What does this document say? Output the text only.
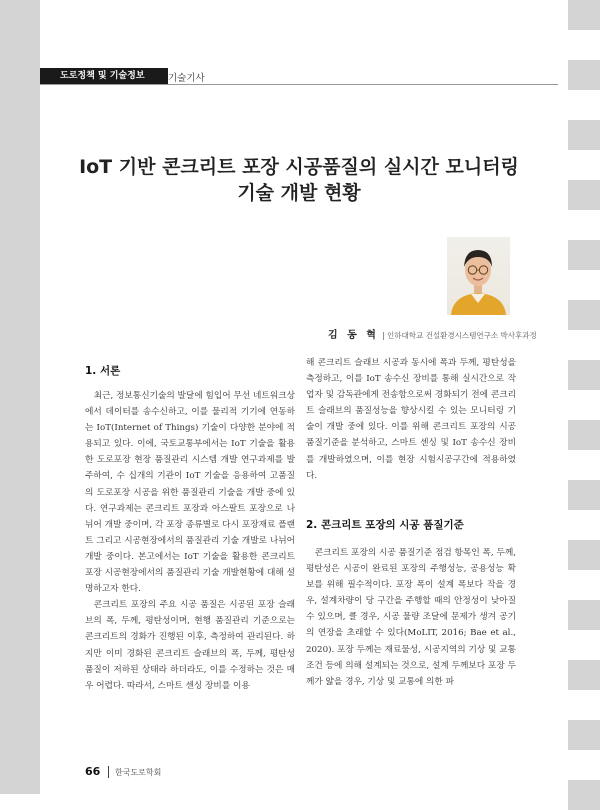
도로정책 및 기술정보	기술기사
IoT 기반 콘크리트 포장 시공품질의 실시간 모니터링
기술 개발 현황
김 동 혁 | 인하대학교 건설환경시스템연구소 박사후과정
1. 서론

최근, 정보통신기술의 발달에 힘입어 무선 네트워크상에서 데이터를 송수신하고, 이를 물리적 기기에 연동하는 IoT(Internet of Things) 기술이 다양한 분야에 적용되고 있다. 이에, 국토교통부에서는 IoT 기술을 활용한 도로포장 현장 품질관리 시스템 개발 연구과제를 발주하여, 수 십개의 기관이 IoT 기술을 응용하여 고품질의 도로포장 시공을 위한 품질관리 기술을 개발 중에 있다. 연구과제는 콘크리트 포장과 아스팔트 포장으로 나뉘어 개발 중이며, 각 포장 종류별로 다시 포장재료 플랜트 그리고 시공현장에서의 품질관리 기술 개발로 나뉘어 개발 중이다. 본고에서는 IoT 기술을 활용한 콘크리트 포장 시공현장에서의 품질관리 기술 개발현황에 대해 설명하고자 한다.

콘크리트 포장의 주요 시공 품질은 시공된 포장 슬래브의 폭, 두께, 평탄성이며, 현행 품질관리 기준으로는 콘크리트의 경화가 진행된 이후, 측정하여 관리된다. 하지만 이미 경화된 콘크리트 슬래브의 폭, 두께, 평탄성 품질이 저하된 상태라 하더라도, 이를 수정하는 것은 매우 어렵다. 따라서, 스마트 센싱 장비를 이용

해 콘크리트 슬래브 시공과 동시에 폭과 두께, 평탄성을 측정하고, 이를 IoT 송수신 장비를 통해 실시간으로 작업자 및 감독관에게 전송함으로써 경화되기 전에 콘크리트 슬래브의 품질성능을 향상시킬 수 있는 모니터링 기술이 개발 중에 있다. 이를 위해 콘크리트 포장의 시공 품질기준을 분석하고, 스마트 센싱 및 IoT 송수신 장비를 개발하였으며, 이를 현장 시험시공구간에 적용하였다.

2. 콘크리트 포장의 시공 품질기준

콘크리트 포장의 시공 품질기준 점검 항목인 폭, 두께, 평탄성은 시공이 완료된 포장의 주행성능, 공용성능 확보를 위해 필수적이다. 포장 폭이 설계 폭보다 작을 경우, 설계차량이 당 구간을 주행할 때의 안정성이 낮아질 수 있으며, 클 경우, 시공 물량 조달에 문제가 생겨 공기의 연장을 초래할 수 있다(MoLIT, 2016; Bae et al., 2020). 포장 두께는 재료물성, 시공지역의 기상 및 교통 조건 등에 의해 설계되는 것으로, 설계 두께보다 포장 두께가 얇을 경우, 기상 및 교통에 의한 파

66 한국도로학회
